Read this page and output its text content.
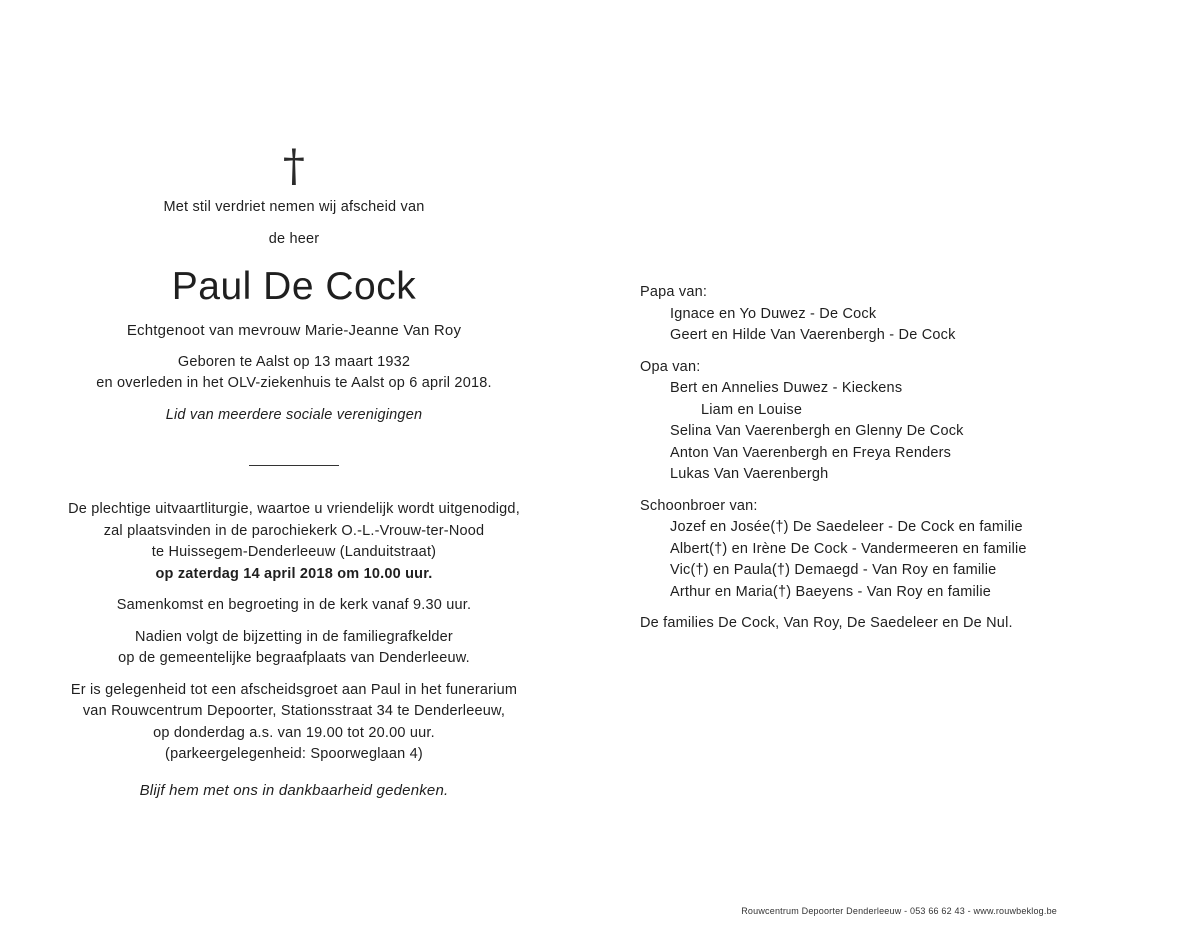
†
Met stil verdriet nemen wij afscheid van
de heer
Paul De Cock
Echtgenoot van mevrouw Marie-Jeanne Van Roy
Geboren te Aalst op 13 maart 1932
en overleden in het OLV-ziekenhuis te Aalst op 6 april 2018.
Lid van meerdere sociale verenigingen
De plechtige uitvaartliturgie, waartoe u vriendelijk wordt uitgenodigd,
zal plaatsvinden in de parochiekerk O.-L.-Vrouw-ter-Nood
te Huissegem-Denderleeuw (Landuitstraat)
op zaterdag 14 april 2018 om 10.00 uur.
Samenkomst en begroeting in de kerk vanaf 9.30 uur.
Nadien volgt de bijzetting in de familiegrafkelder
op de gemeentelijke begraafplaats van Denderleeuw.
Er is gelegenheid tot een afscheidsgroet aan Paul in het funerarium
van Rouwcentrum Depoorter, Stationsstraat 34 te Denderleeuw,
op donderdag a.s. van 19.00 tot 20.00 uur.
(parkeergelegenheid: Spoorweglaan 4)
Blijf hem met ons in dankbaarheid gedenken.
Papa van:
Ignace en Yo Duwez - De Cock
Geert en Hilde Van Vaerenbergh - De Cock
Opa van:
Bert en Annelies Duwez - Kieckens
Liam en Louise
Selina Van Vaerenbergh en Glenny De Cock
Anton Van Vaerenbergh en Freya Renders
Lukas Van Vaerenbergh
Schoonbroer van:
Jozef en Josée(†) De Saedeleer - De Cock en familie
Albert(†) en Irène De Cock - Vandermeeren en familie
Vic(†) en Paula(†) Demaegd - Van Roy en familie
Arthur en Maria(†) Baeyens - Van Roy en familie
De families De Cock, Van Roy, De Saedeleer en De Nul.
Rouwcentrum Depoorter Denderleeuw - 053 66 62 43 - www.rouwbeklog.be
